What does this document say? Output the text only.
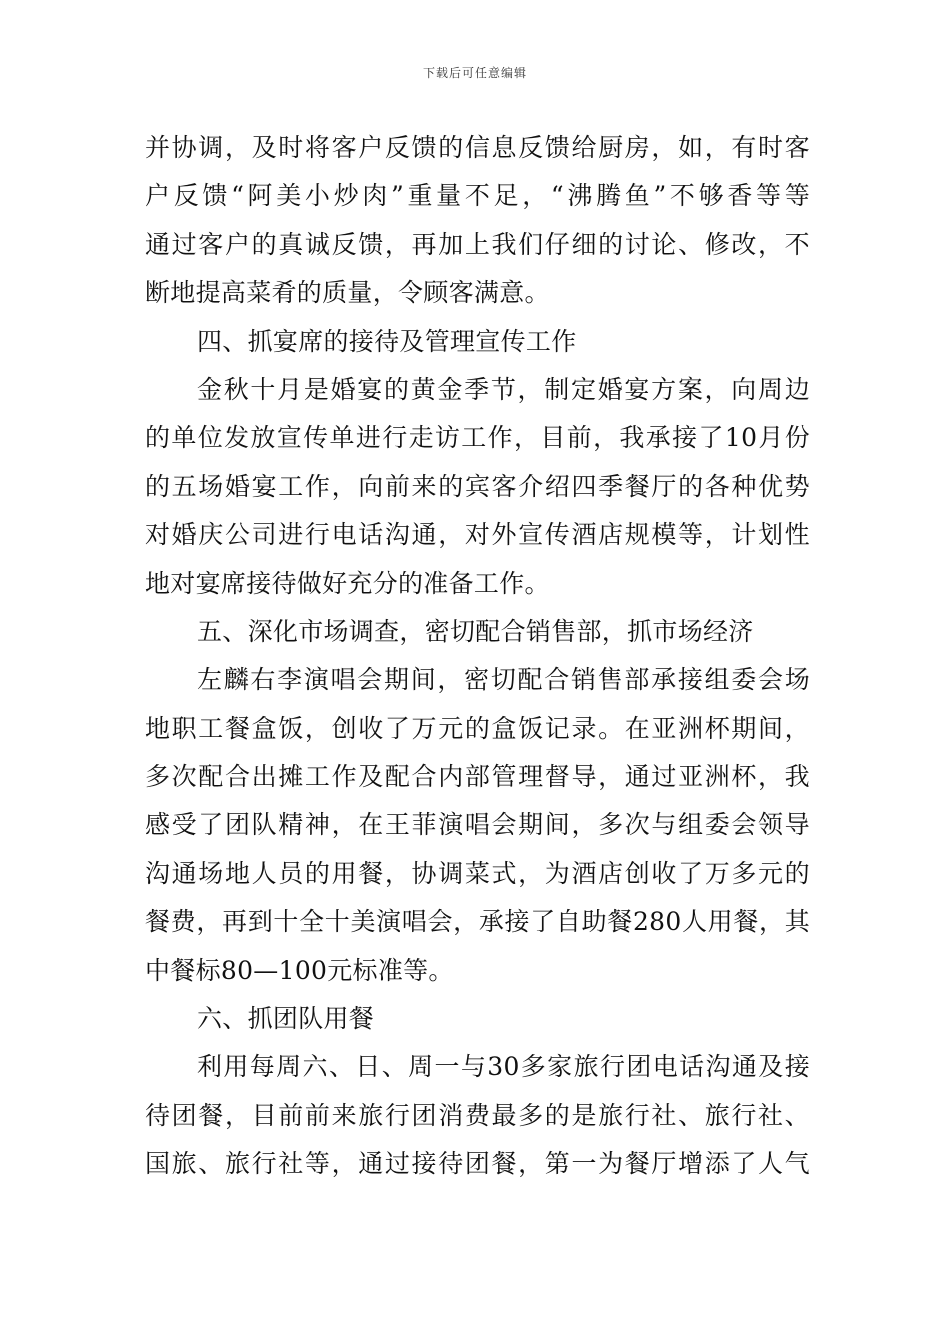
下载后可任意编辑
并协调，及时将客户反馈的信息反馈给厨房，如，有时客
户反馈“阿美小炒肉”重量不足，“沸腾鱼”不够香等等
通过客户的真诚反馈，再加上我们仔细的讨论、修改，不
断地提高菜肴的质量，令顾客满意。
四、抓宴席的接待及管理宣传工作
金秋十月是婚宴的黄金季节，制定婚宴方案，向周边
的单位发放宣传单进行走访工作，目前，我承接了10月份
的五场婚宴工作，向前来的宾客介绍四季餐厅的各种优势
对婚庆公司进行电话沟通，对外宣传酒店规模等，计划性
地对宴席接待做好充分的准备工作。
五、深化市场调查，密切配合销售部，抓市场经济
左麟右李演唱会期间，密切配合销售部承接组委会场
地职工餐盒饭，创收了万元的盒饭记录。在亚洲杯期间，
多次配合出摊工作及配合内部管理督导，通过亚洲杯，我
感受了团队精神，在王菲演唱会期间，多次与组委会领导
沟通场地人员的用餐，协调菜式，为酒店创收了万多元的
餐费，再到十全十美演唱会，承接了自助餐280人用餐，其
中餐标80—100元标准等。
六、抓团队用餐
利用每周六、日、周一与30多家旅行团电话沟通及接
待团餐，目前前来旅行团消费最多的是旅行社、旅行社、
国旅、旅行社等，通过接待团餐，第一为餐厅增添了人气
